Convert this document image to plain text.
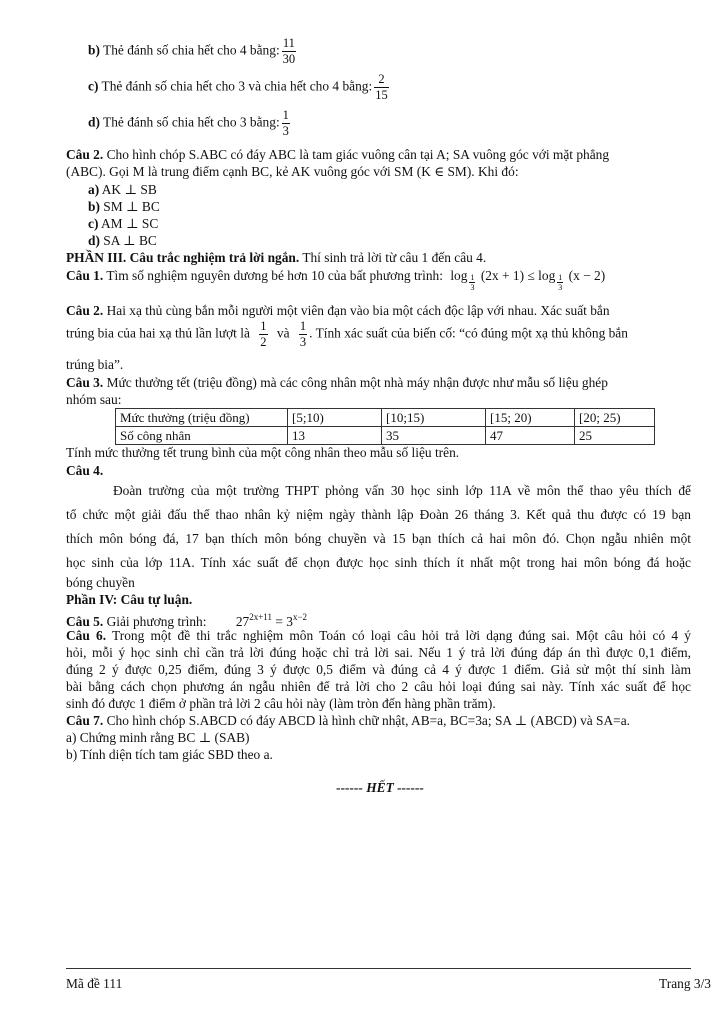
b) Thẻ đánh số chia hết cho 4 bằng: $\frac{11}{30}$
c) Thẻ đánh số chia hết cho 3 và chia hết cho 4 bằng: $\frac{2}{15}$
d) Thẻ đánh số chia hết cho 3 bằng: $\frac{1}{3}$
Câu 2. Cho hình chóp S.ABC có đáy ABC là tam giác vuông cân tại A; SA vuông góc với mặt phẳng
(ABC). Gọi M là trung điểm cạnh BC, kẻ AK vuông góc với SM (K ∈ SM). Khi đó:
a) AK ⊥ SB
b) SM ⊥ BC
c) AM ⊥ SC
d) SA ⊥ BC
PHẦN III. Câu trắc nghiệm trả lời ngắn. Thí sinh trả lời từ câu 1 đến câu 4.
Câu 1. Tìm số nghiệm nguyên dương bé hơn 10 của bất phương trình: $\log \frac{1}{3} (2x + 1) \le \log \frac{1}{3} (x - 2)$
Câu 2. Hai xạ thủ cùng bắn mỗi người một viên đạn vào bia một cách độc lập với nhau. Xác suất bắn
trúng bia của hai xạ thủ lần lượt là $\frac{1}{2}$ và $\frac{1}{3}$ . Tính xác suất của biến cố: “có đúng một xạ thủ không bắn
trúng bia”.
Câu 3. Mức thưởng tết (triệu đồng) mà các công nhân một nhà máy nhận được như mẫu số liệu ghép
nhóm sau:
Mức thưởng (triệu đồng)	[5;10)	[10;15)	[15; 20)	[20; 25)
Số công nhân	13	35	47	25
Tính mức thưởng tết trung bình của một công nhân theo mẫu số liệu trên.
Câu 4.
Đoàn trường của một trường THPT phỏng vấn 30 học sinh lớp 11A về môn thể thao yêu thích để
tổ chức một giải đấu thể thao nhân kỷ niệm ngày thành lập Đoàn 26 tháng 3. Kết quả thu được có 19 bạn
thích môn bóng đá, 17 bạn thích môn bóng chuyền và 15 bạn thích cả hai môn đó. Chọn ngẫu nhiên một
học sinh của lớp 11A. Tính xác suất để chọn được học sinh thích ít nhất một trong hai môn bóng đá hoặc
bóng chuyền
Phần IV: Câu tự luận.
Câu 5. Giải phương trình: $27^{2x+11} = 3^{x-2}$
Câu 6. Trong một đề thi trắc nghiệm môn Toán có loại câu hỏi trả lời dạng đúng sai. Một câu hỏi có 4 ý
hỏi, mỗi ý học sinh chỉ cần trả lời đúng hoặc chỉ trả lời sai. Nếu 1 ý trả lời đúng đáp án thì được 0,1 điểm,
đúng 2 ý được 0,25 điểm, đúng 3 ý được 0,5 điểm và đúng cả 4 ý được 1 điểm. Giả sử một thí sinh làm
bài bằng cách chọn phương án ngẫu nhiên để trả lời cho 2 câu hỏi loại đúng sai này. Tính xác suất để học
sinh đó được 1 điểm ở phần trả lời 2 câu hỏi này (làm tròn đến hàng phần trăm).
Câu 7. Cho hình chóp S.ABCD có đáy ABCD là hình chữ nhật, AB=a, BC=3a; SA ⊥ (ABCD) và SA=a.
a) Chứng minh rằng BC ⊥ (SAB)
b) Tính diện tích tam giác SBD theo a.
------ HẾT ------
Mã đề 111	Trang 3/3
